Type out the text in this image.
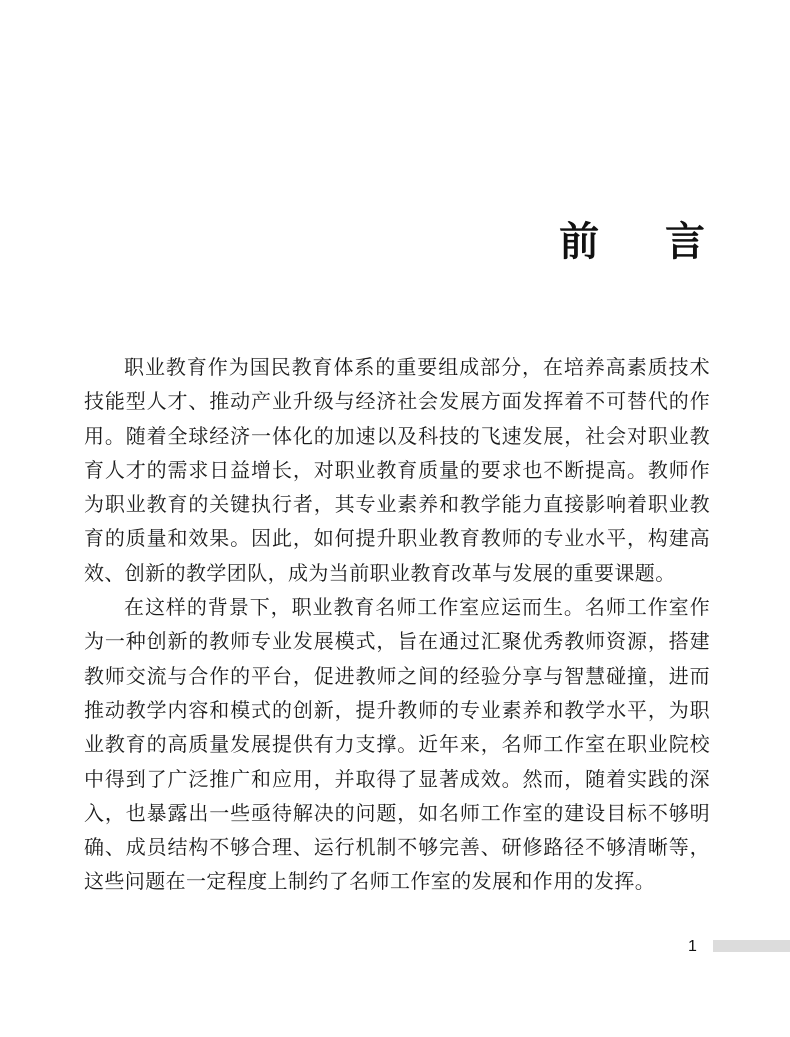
前 言

职业教育作为国民教育体系的重要组成部分，在培养高素质技术技能型人才、推动产业升级与经济社会发展方面发挥着不可替代的作用。随着全球经济一体化的加速以及科技的飞速发展，社会对职业教育人才的需求日益增长，对职业教育质量的要求也不断提高。教师作为职业教育的关键执行者，其专业素养和教学能力直接影响着职业教育的质量和效果。因此，如何提升职业教育教师的专业水平，构建高效、创新的教学团队，成为当前职业教育改革与发展的重要课题。

在这样的背景下，职业教育名师工作室应运而生。名师工作室作为一种创新的教师专业发展模式，旨在通过汇聚优秀教师资源，搭建教师交流与合作的平台，促进教师之间的经验分享与智慧碰撞，进而推动教学内容和模式的创新，提升教师的专业素养和教学水平，为职业教育的高质量发展提供有力支撑。近年来，名师工作室在职业院校中得到了广泛推广和应用，并取得了显著成效。然而，随着实践的深入，也暴露出一些亟待解决的问题，如名师工作室的建设目标不够明确、成员结构不够合理、运行机制不够完善、研修路径不够清晰等，这些问题在一定程度上制约了名师工作室的发展和作用的发挥。

1
